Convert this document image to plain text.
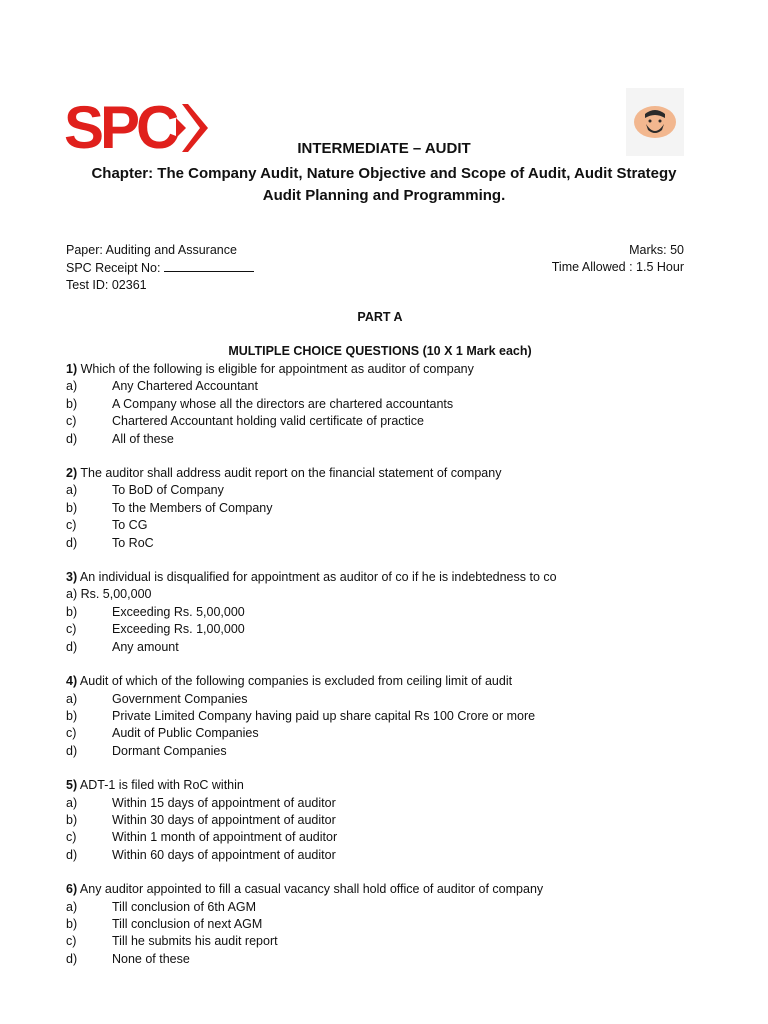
SPC	INTERMEDIATE – AUDIT
Chapter: The Company Audit, Nature Objective and Scope of Audit, Audit Strategy
Audit Planning and Programming.
Paper: Auditing and Assurance
SPC Receipt No:
Test ID: 02361
Marks: 50
Time Allowed : 1.5 Hour
PART A
MULTIPLE CHOICE QUESTIONS (10 X 1 Mark each)
1) Which of the following is eligible for appointment as auditor of company
a)	Any Chartered Accountant
b)	A Company whose all the directors are chartered accountants
c)	Chartered Accountant holding valid certificate of practice
d)	All of these
2) The auditor shall address audit report on the financial statement of company
a)	To BoD of Company
b)	To the Members of Company
c)	To CG
d)	To RoC
3) An individual is disqualified for appointment as auditor of co if he is indebtedness to co
a) Rs. 5,00,000
b)	Exceeding Rs. 5,00,000
c)	Exceeding Rs. 1,00,000
d)	Any amount
4) Audit of which of the following companies is excluded from ceiling limit of audit
a)	Government Companies
b)	Private Limited Company having paid up share capital Rs 100 Crore or more
c)	Audit of Public Companies
d)	Dormant Companies
5) ADT-1 is filed with RoC within
a)	Within 15 days of appointment of auditor
b)	Within 30 days of appointment of auditor
c)	Within 1 month of appointment of auditor
d)	Within 60 days of appointment of auditor
6) Any auditor appointed to fill a casual vacancy shall hold office of auditor of company
a)	Till conclusion of 6th AGM
b)	Till conclusion of next AGM
c)	Till he submits his audit report
d)	None of these
